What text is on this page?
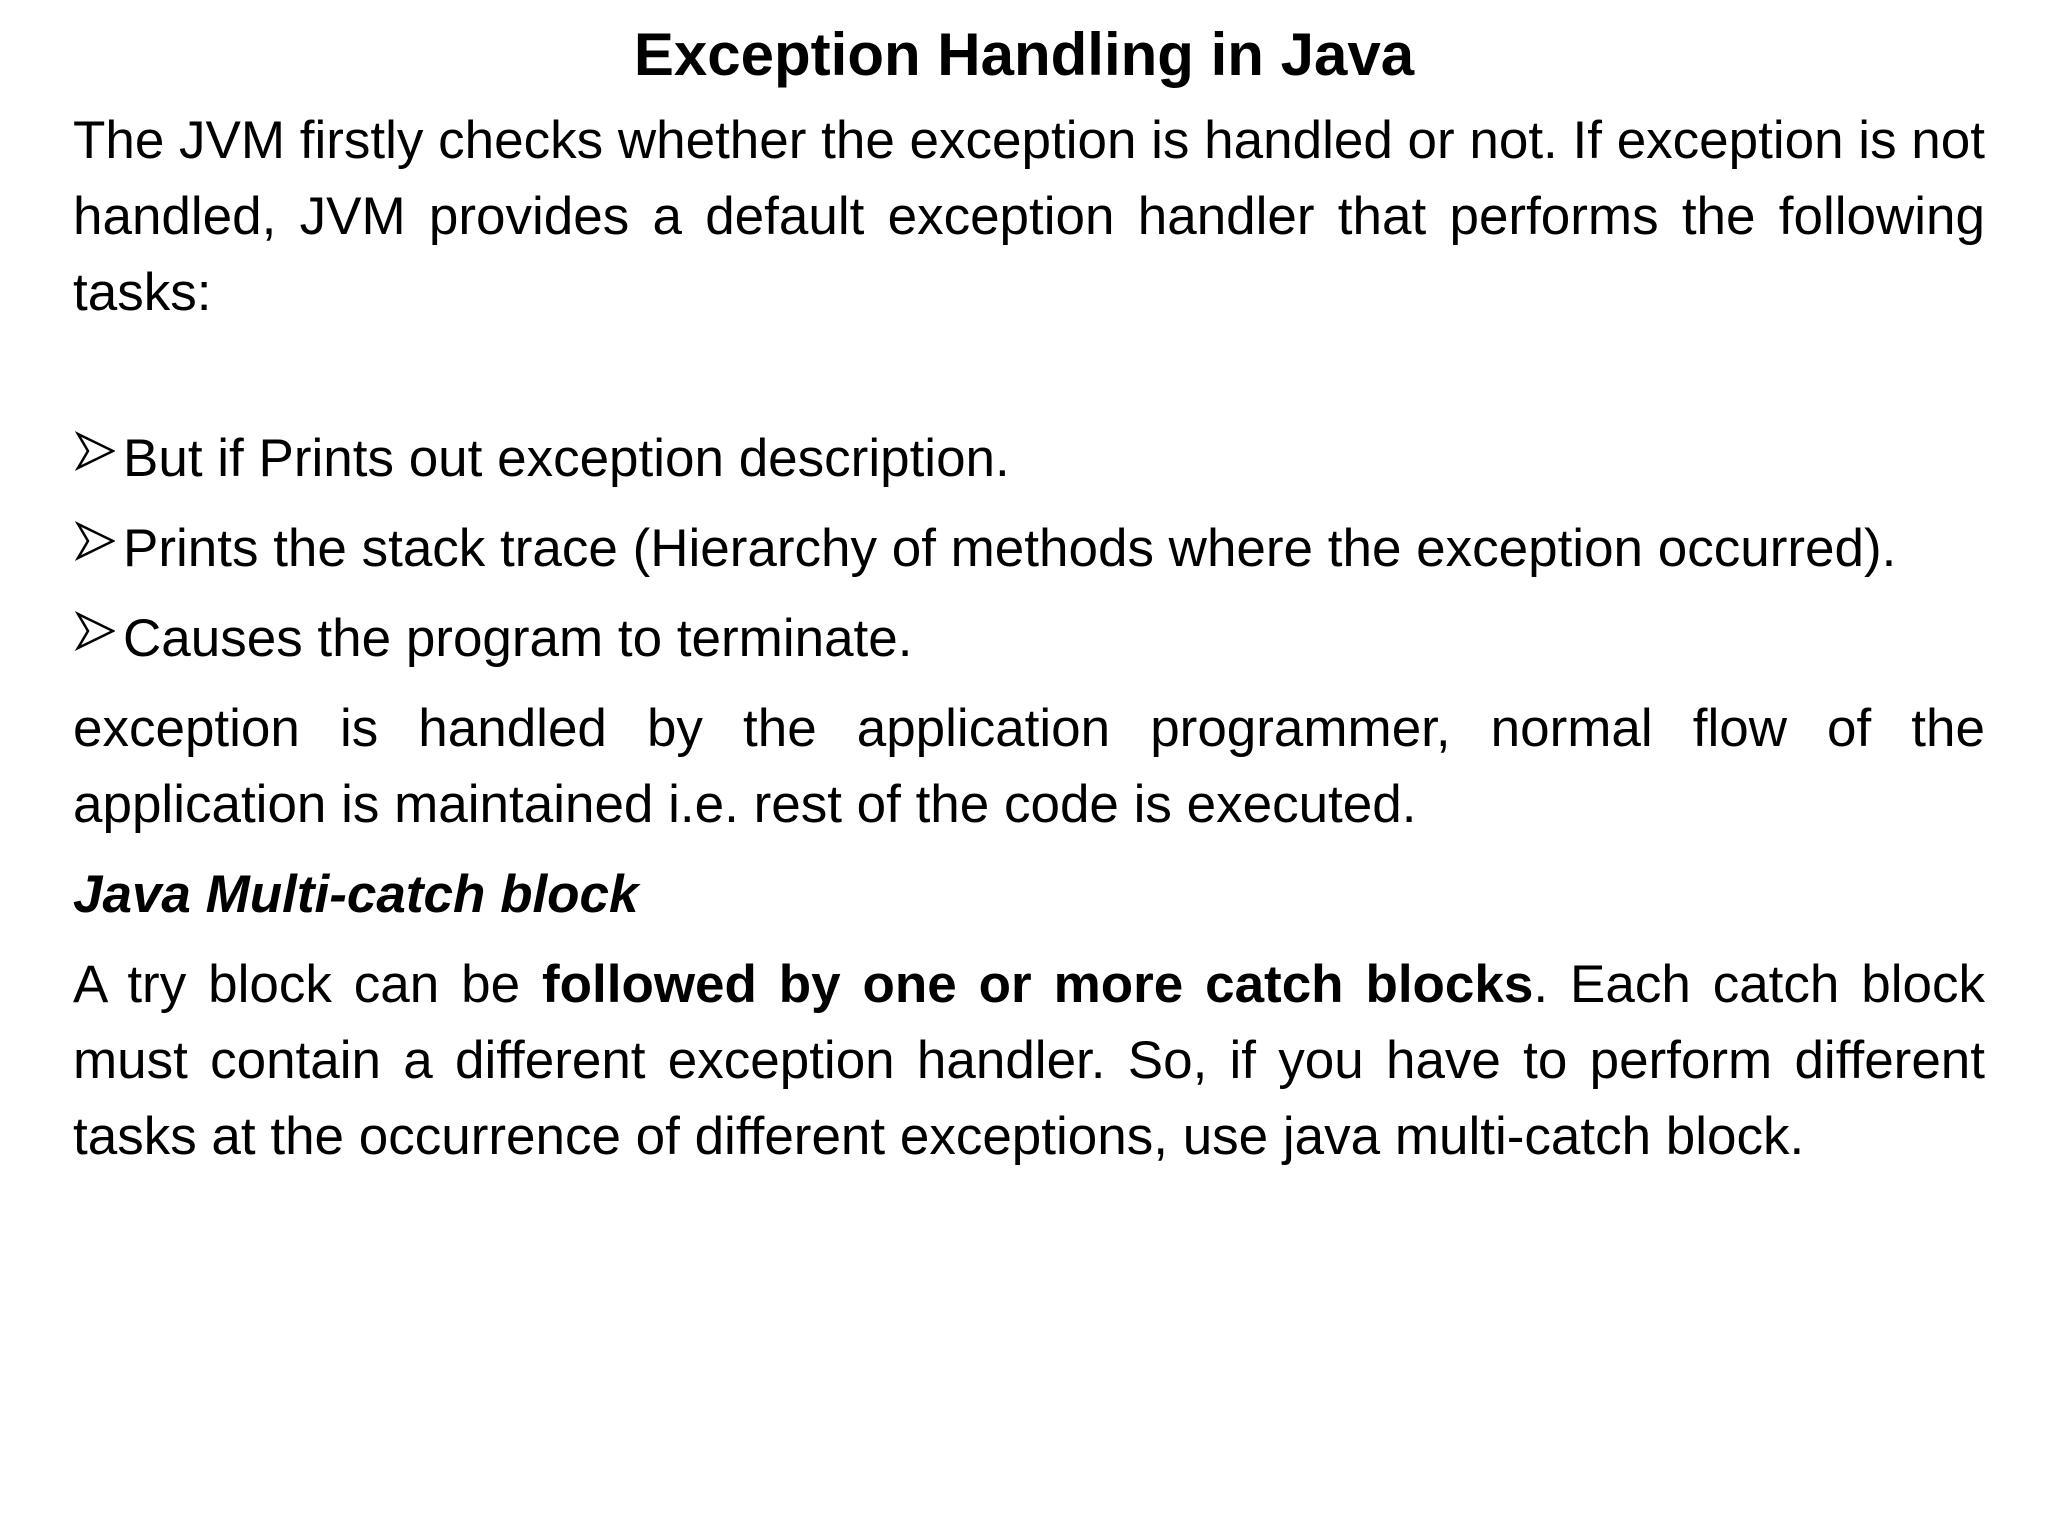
Exception Handling in Java

The JVM firstly checks whether the exception is handled or not. If exception is not handled, JVM provides a default exception handler that performs the following tasks:

But if Prints out exception description.

Prints the stack trace (Hierarchy of methods where the exception occurred).

Causes the program to terminate.

exception is handled by the application programmer, normal flow of the application is maintained i.e. rest of the code is executed.

Java Multi-catch block

A try block can be followed by one or more catch blocks. Each catch block must contain a different exception handler. So, if you have to perform different tasks at the occurrence of different exceptions, use java multi-catch block.
